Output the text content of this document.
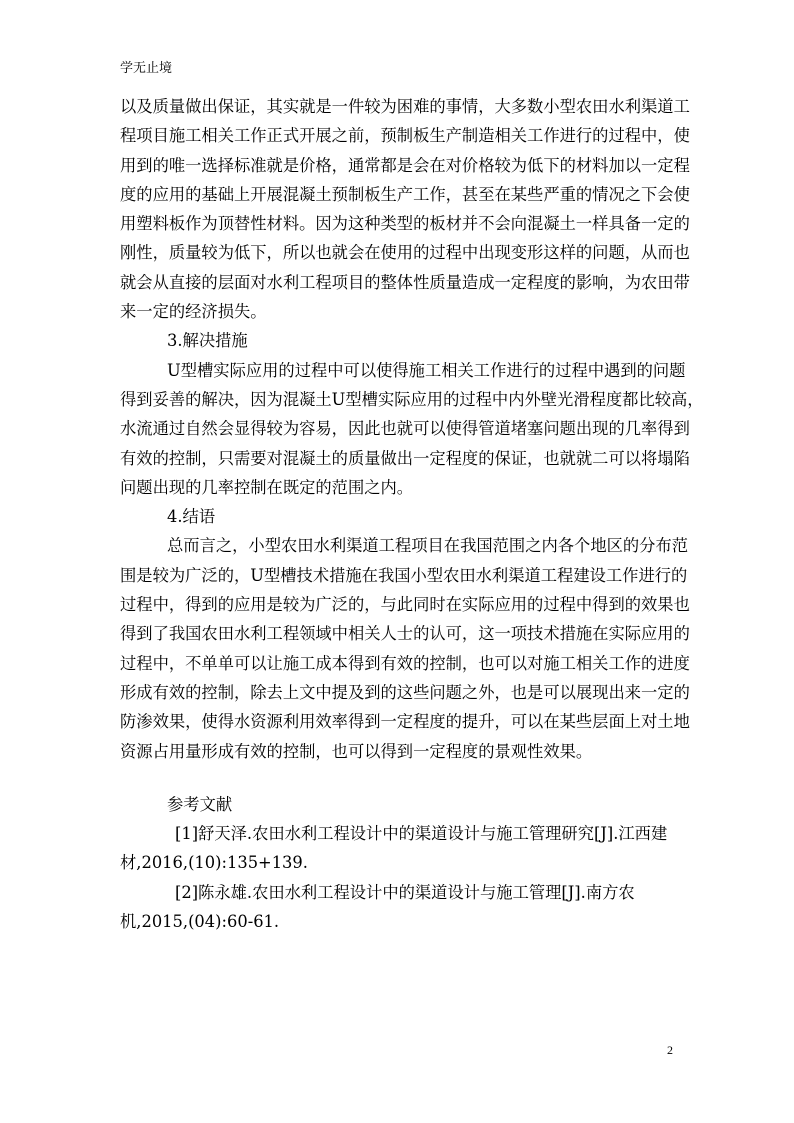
学无止境
以及质量做出保证，其实就是一件较为困难的事情，大多数小型农田水利渠道工
程项目施工相关工作正式开展之前，预制板生产制造相关工作进行的过程中，使
用到的唯一选择标准就是价格，通常都是会在对价格较为低下的材料加以一定程
度的应用的基础上开展混凝土预制板生产工作，甚至在某些严重的情况之下会使
用塑料板作为顶替性材料。因为这种类型的板材并不会向混凝土一样具备一定的
刚性，质量较为低下，所以也就会在使用的过程中出现变形这样的问题，从而也
就会从直接的层面对水利工程项目的整体性质量造成一定程度的影响，为农田带
来一定的经济损失。
3.解决措施
U型槽实际应用的过程中可以使得施工相关工作进行的过程中遇到的问题
得到妥善的解决，因为混凝土U型槽实际应用的过程中内外壁光滑程度都比较高，
水流通过自然会显得较为容易，因此也就可以使得管道堵塞问题出现的几率得到
有效的控制，只需要对混凝土的质量做出一定程度的保证，也就就二可以将塌陷
问题出现的几率控制在既定的范围之内。
4.结语
总而言之，小型农田水利渠道工程项目在我国范围之内各个地区的分布范
围是较为广泛的，U型槽技术措施在我国小型农田水利渠道工程建设工作进行的
过程中，得到的应用是较为广泛的，与此同时在实际应用的过程中得到的效果也
得到了我国农田水利工程领域中相关人士的认可，这一项技术措施在实际应用的
过程中，不单单可以让施工成本得到有效的控制，也可以对施工相关工作的进度
形成有效的控制，除去上文中提及到的这些问题之外，也是可以展现出来一定的
防渗效果，使得水资源利用效率得到一定程度的提升，可以在某些层面上对土地
资源占用量形成有效的控制，也可以得到一定程度的景观性效果。
参考文献
[1]舒天泽.农田水利工程设计中的渠道设计与施工管理研究[J].江西建
材,2016,(10):135+139.
[2]陈永雄.农田水利工程设计中的渠道设计与施工管理[J].南方农
机,2015,(04):60-61.
2
